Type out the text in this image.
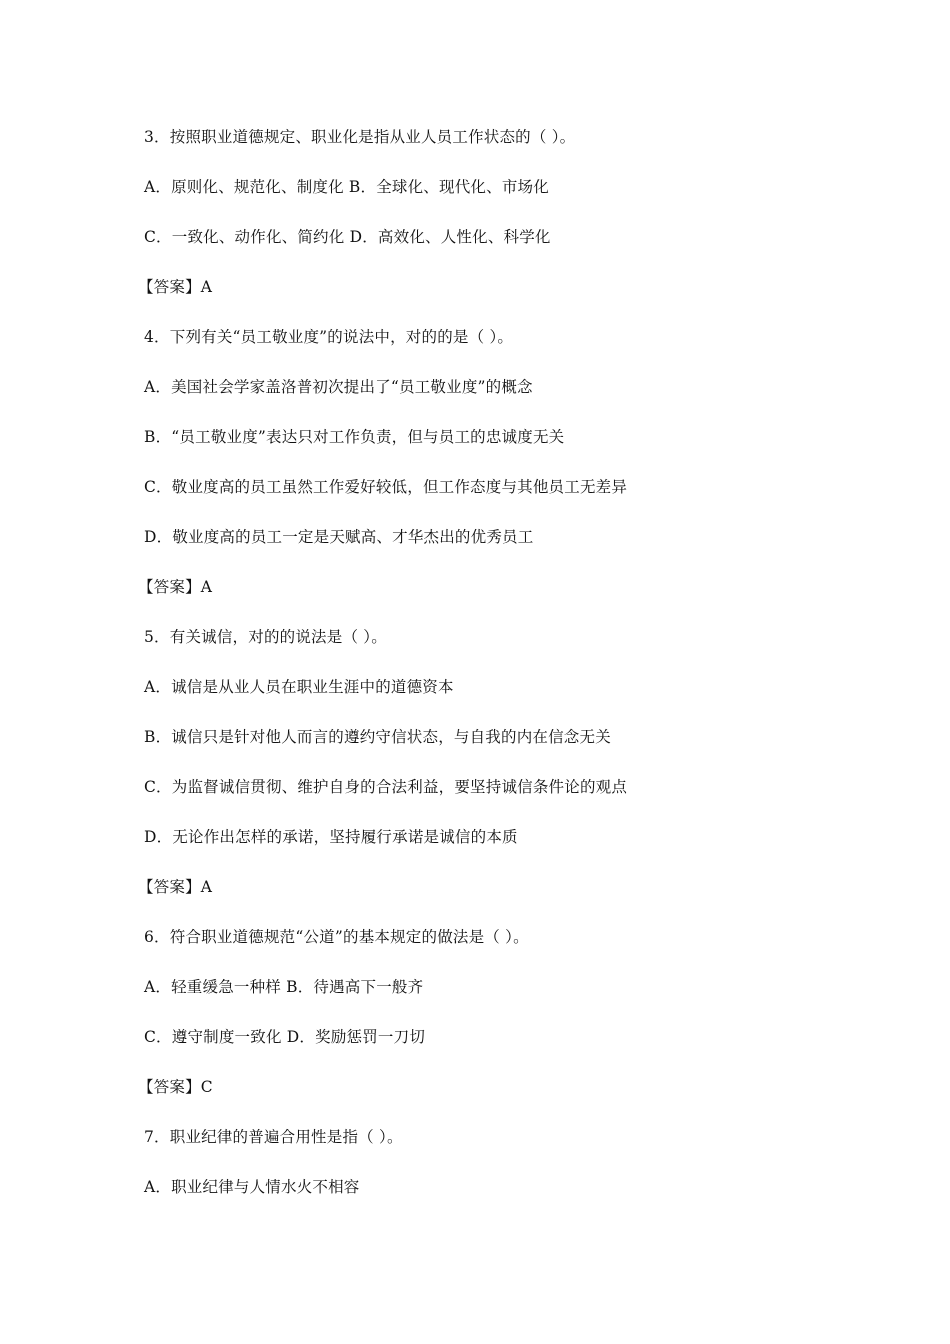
3．按照职业道德规定、职业化是指从业人员工作状态的（ ）。
A．原则化、规范化、制度化 B．全球化、现代化、市场化
C．一致化、动作化、简约化 D．高效化、人性化、科学化
【答案】A
4．下列有关“员工敬业度”的说法中，对的的是（ ）。
A．美国社会学家盖洛普初次提出了“员工敬业度”的概念
B．“员工敬业度”表达只对工作负责，但与员工的忠诚度无关
C．敬业度高的员工虽然工作爱好较低，但工作态度与其他员工无差异
D．敬业度高的员工一定是天赋高、才华杰出的优秀员工
【答案】A
5．有关诚信，对的的说法是（ ）。
A．诚信是从业人员在职业生涯中的道德资本
B．诚信只是针对他人而言的遵约守信状态，与自我的内在信念无关
C．为监督诚信贯彻、维护自身的合法利益，要坚持诚信条件论的观点
D．无论作出怎样的承诺，坚持履行承诺是诚信的本质
【答案】A
6．符合职业道德规范“公道”的基本规定的做法是（ ）。
A．轻重缓急一种样 B．待遇高下一般齐
C．遵守制度一致化 D．奖励惩罚一刀切
【答案】C
7．职业纪律的普遍合用性是指（ ）。
A．职业纪律与人情水火不相容
